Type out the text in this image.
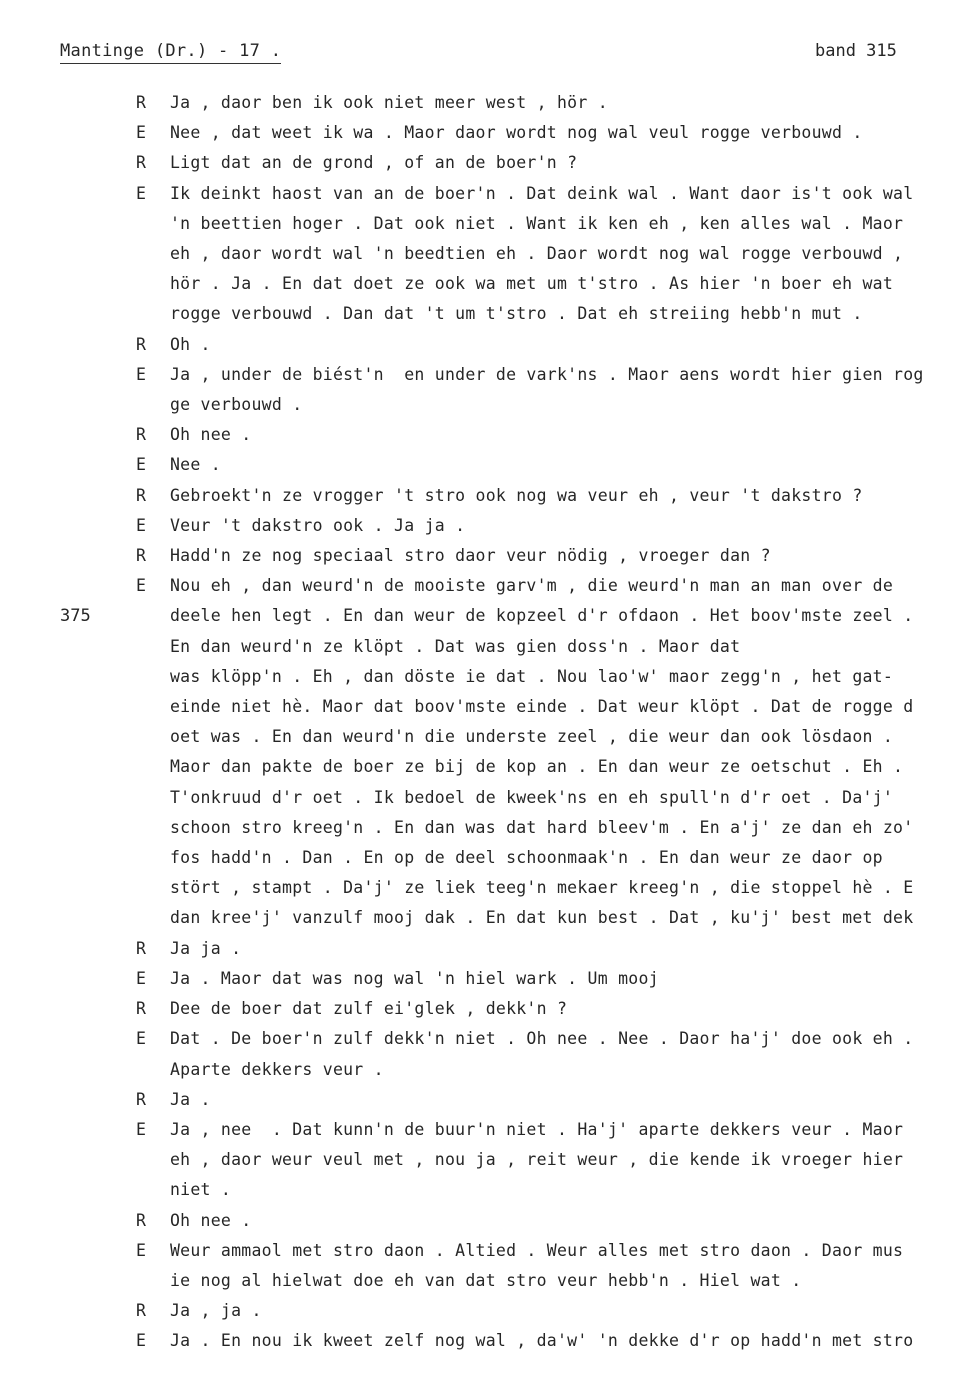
Mantinge (Dr.) - 17 .	band 315
375
R	Ja , daor ben ik ook niet meer west , hör .
E	Nee , dat weet ik wa . Maor daor wordt nog wal veul rogge verbouwd .
R	Ligt dat an de grond , of an de boer'n ?
E	Ik deinkt haost van an de boer'n . Dat deink wal . Want daor is't ook wal
'n beettien hoger . Dat ook niet . Want ik ken eh , ken alles wal . Maor
eh , daor wordt wal 'n beedtien eh . Daor wordt nog wal rogge verbouwd ,
hör . Ja . En dat doet ze ook wa met um t'stro . As hier 'n boer eh wat
rogge verbouwd . Dan dat 't um t'stro . Dat eh streiing hebb'n mut .
R	Oh .
E	Ja , under de biést'n  en under de vark'ns . Maor aens wordt hier gien rog
ge verbouwd .
R	Oh nee .
E	Nee .
R	Gebroekt'n ze vrogger 't stro ook nog wa veur eh , veur 't dakstro ?
E	Veur 't dakstro ook . Ja ja .
R	Hadd'n ze nog speciaal stro daor veur nödig , vroeger dan ?
E	Nou eh , dan weurd'n de mooiste garv'm , die weurd'n man an man over de
deele hen legt . En dan weur de kopzeel d'r ofdaon . Het boov'mste zeel .
En dan weurd'n ze klöpt . Dat was gien doss'n . Maor dat
was klöpp'n . Eh , dan döste ie dat . Nou lao'w' maor zegg'n , het gat-
einde niet hè. Maor dat boov'mste einde . Dat weur klöpt . Dat de rogge d
oet was . En dan weurd'n die underste zeel , die weur dan ook lösdaon .
Maor dan pakte de boer ze bij de kop an . En dan weur ze oetschut . Eh .
T'onkruud d'r oet . Ik bedoel de kweek'ns en eh spull'n d'r oet . Da'j'
schoon stro kreeg'n . En dan was dat hard bleev'm . En a'j' ze dan eh zo'
fos hadd'n . Dan . En op de deel schoonmaak'n . En dan weur ze daor op
stört , stampt . Da'j' ze liek teeg'n mekaer kreeg'n , die stoppel hè . E
dan kree'j' vanzulf mooj dak . En dat kun best . Dat , ku'j' best met dek
R	Ja ja .
E	Ja . Maor dat was nog wal 'n hiel wark . Um mooj
R	Dee de boer dat zulf ei'glek , dekk'n ?
E	Dat . De boer'n zulf dekk'n niet . Oh nee . Nee . Daor ha'j' doe ook eh .
Aparte dekkers veur .
R	Ja .
E	Ja , nee  . Dat kunn'n de buur'n niet . Ha'j' aparte dekkers veur . Maor
eh , daor weur veul met , nou ja , reit weur , die kende ik vroeger hier
niet .
R	Oh nee .
E	Weur ammaol met stro daon . Altied . Weur alles met stro daon . Daor mus
ie nog al hielwat doe eh van dat stro veur hebb'n . Hiel wat .
R	Ja , ja .
E	Ja . En nou ik kweet zelf nog wal , da'w' 'n dekke d'r op hadd'n met stro
